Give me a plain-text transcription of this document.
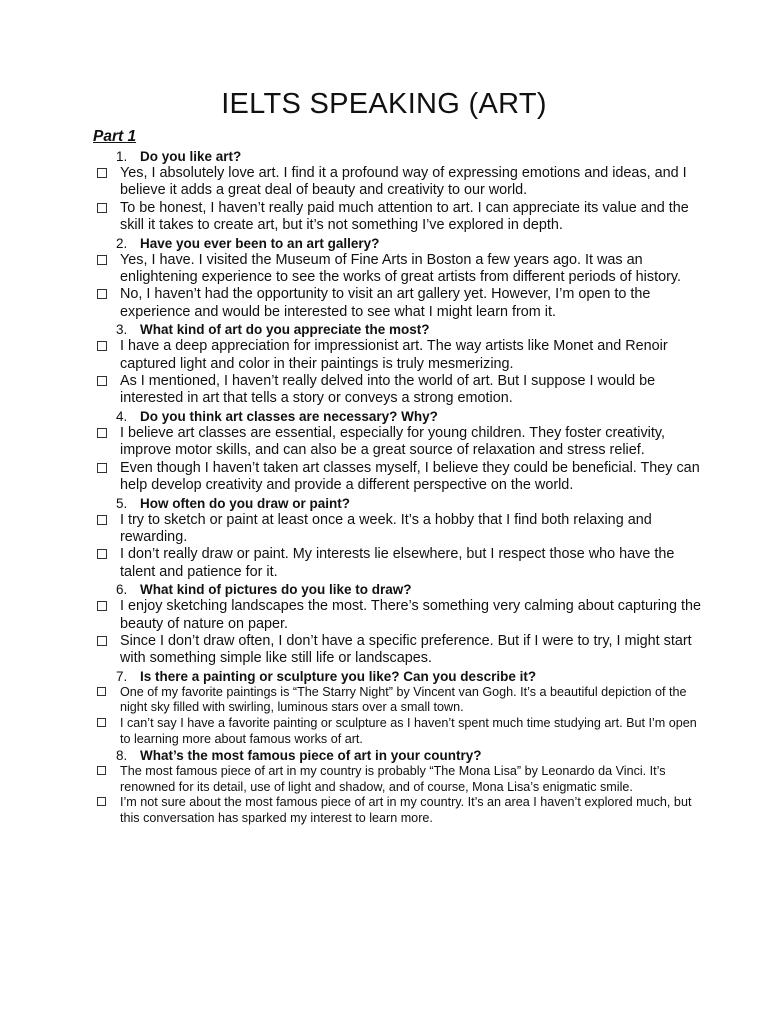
IELTS SPEAKING (ART)
Part 1
1. Do you like art?
Yes, I absolutely love art. I find it a profound way of expressing emotions and ideas, and I believe it adds a great deal of beauty and creativity to our world.
To be honest, I haven’t really paid much attention to art. I can appreciate its value and the skill it takes to create art, but it’s not something I’ve explored in depth.
2. Have you ever been to an art gallery?
Yes, I have. I visited the Museum of Fine Arts in Boston a few years ago. It was an enlightening experience to see the works of great artists from different periods of history.
No, I haven’t had the opportunity to visit an art gallery yet. However, I’m open to the experience and would be interested to see what I might learn from it.
3. What kind of art do you appreciate the most?
I have a deep appreciation for impressionist art. The way artists like Monet and Renoir captured light and color in their paintings is truly mesmerizing.
As I mentioned, I haven’t really delved into the world of art. But I suppose I would be interested in art that tells a story or conveys a strong emotion.
4. Do you think art classes are necessary? Why?
I believe art classes are essential, especially for young children. They foster creativity, improve motor skills, and can also be a great source of relaxation and stress relief.
Even though I haven’t taken art classes myself, I believe they could be beneficial. They can help develop creativity and provide a different perspective on the world.
5. How often do you draw or paint?
I try to sketch or paint at least once a week. It’s a hobby that I find both relaxing and rewarding.
I don’t really draw or paint. My interests lie elsewhere, but I respect those who have the talent and patience for it.
6. What kind of pictures do you like to draw?
I enjoy sketching landscapes the most. There’s something very calming about capturing the beauty of nature on paper.
Since I don’t draw often, I don’t have a specific preference. But if I were to try, I might start with something simple like still life or landscapes.
7. Is there a painting or sculpture you like? Can you describe it?
One of my favorite paintings is “The Starry Night” by Vincent van Gogh. It’s a beautiful depiction of the night sky filled with swirling, luminous stars over a small town.
I can’t say I have a favorite painting or sculpture as I haven’t spent much time studying art. But I’m open to learning more about famous works of art.
8. What’s the most famous piece of art in your country?
The most famous piece of art in my country is probably “The Mona Lisa” by Leonardo da Vinci. It’s renowned for its detail, use of light and shadow, and of course, Mona Lisa’s enigmatic smile.
I’m not sure about the most famous piece of art in my country. It’s an area I haven’t explored much, but this conversation has sparked my interest to learn more.
